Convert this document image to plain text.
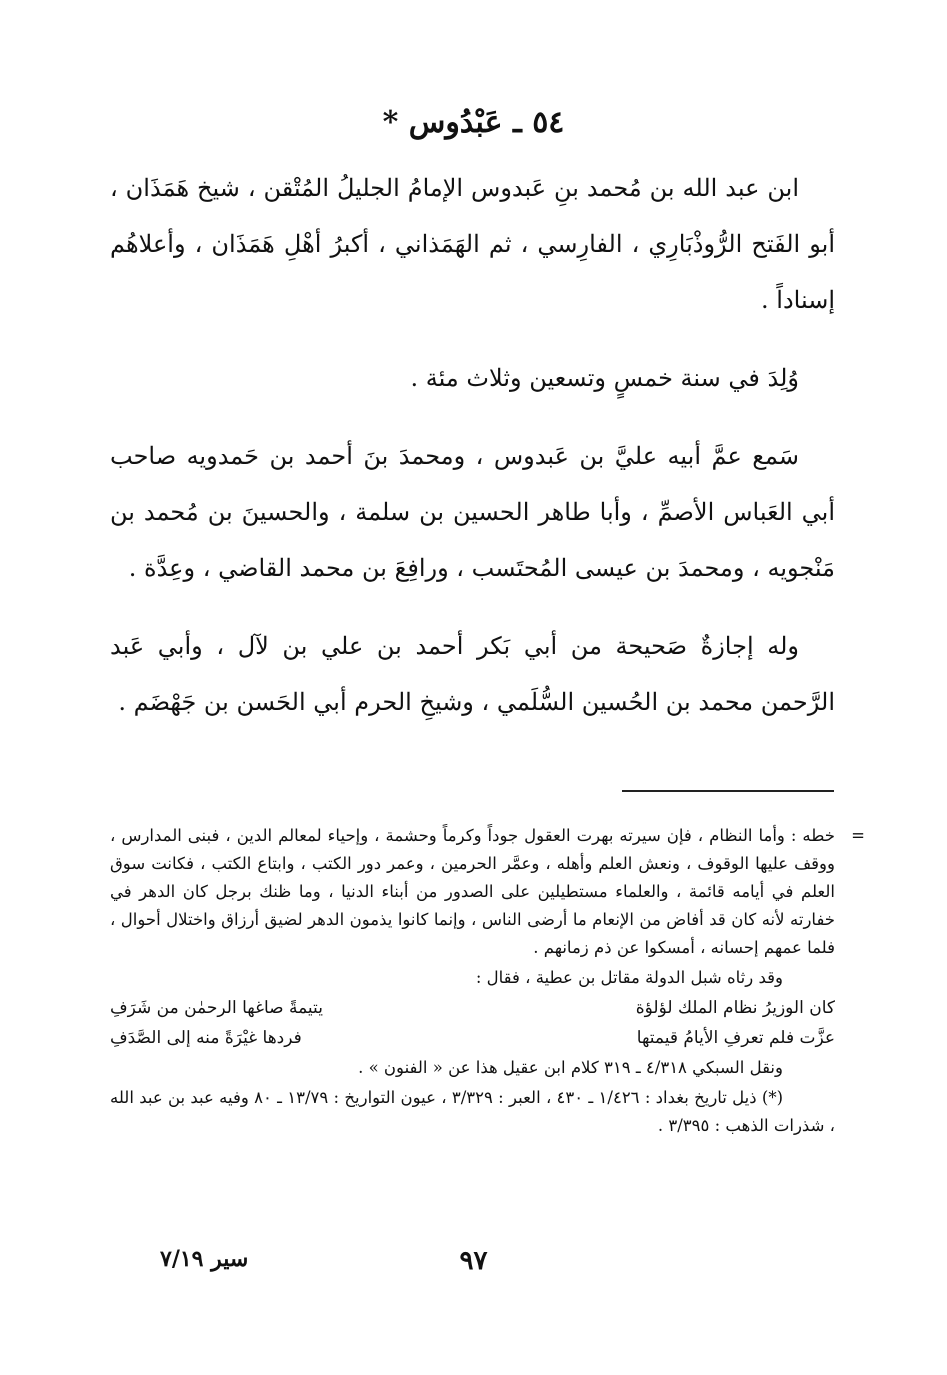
٥٤ ـ عَبْدُوس *

ابن عبد الله بن مُحمد بنِ عَبدوس الإمامُ الجليلُ المُتْقن ، شيخ هَمَذَان ، أبو الفَتح الرُّوذْبَارِي ، الفارِسي ، ثم الهَمَذاني ، أكبرُ أهْلِ هَمَذَان ، وأعلاهُم إسناداً .

وُلِدَ في سنة خمسٍ وتسعين وثلاث مئة .

سَمع عمَّ أبيه عليَّ بن عَبدوس ، ومحمدَ بنَ أحمد بن حَمدويه صاحب أبي العَباس الأصمِّ ، وأبا طاهر الحسين بن سلمة ، والحسينَ بن مُحمد بن مَنْجويه ، ومحمدَ بن عيسى المُحتَسب ، ورافِعَ بن محمد القاضي ، وعِدَّة .

وله إجازةٌ صَحيحة من أبي بَكر أحمد بن علي بن لآل ، وأبي عَبد الرَّحمن محمد بن الحُسين السُّلَمي ، وشيخِ الحرم أبي الحَسن بن جَهْضَم .

=
خطه : وأما النظام ، فإن سيرته بهرت العقول جوداً وكرماً وحشمة ، وإحياء لمعالم الدين ، فبنى المدارس ، ووقف عليها الوقوف ، ونعش العلم وأهله ، وعمَّر الحرمين ، وعمر دور الكتب ، وابتاع الكتب ، فكانت سوق العلم في أيامه قائمة ، والعلماء مستطيلين على الصدور من أبناء الدنيا ، وما ظنك برجل كان الدهر في خفارته لأنه كان قد أفاض من الإنعام ما أرضى الناس ، وإنما كانوا يذمون الدهر لضيق أرزاق واختلال أحوال ، فلما عمهم إحسانه ، أمسكوا عن ذم زمانهم .

وقد رثاه شبل الدولة مقاتل بن عطية ، فقال :

كان الوزيرُ نظام الملك لؤلؤة
يتيمةً صاغها الرحمٰن من شَرَفِ
عزَّت فلم تعرفِ الأيامُ قيمتها
فردها غيْرَةً منه إلى الصَّدَفِ

ونقل السبكي ٤/٣١٨ ـ ٣١٩ كلام ابن عقيل هذا عن « الفنون » .

(*) ذيل تاريخ بغداد : ١/٤٢٦ ـ ٤٣٠ ، العبر : ٣/٣٢٩ ، عيون التواريخ : ١٣/٧٩ ـ ٨٠ وفيه عبد بن عبد الله ، شذرات الذهب : ٣/٣٩٥ .

٩٧
سير ٧/١٩
